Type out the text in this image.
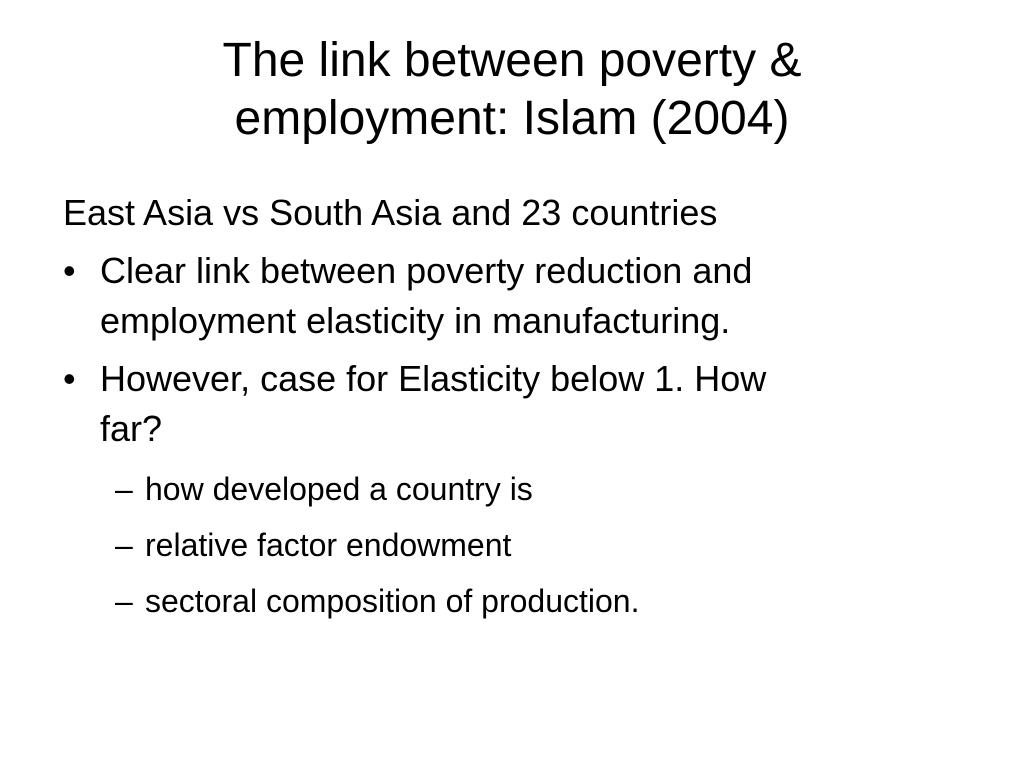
The link between poverty &
employment: Islam (2004)

East Asia vs South Asia and 23 countries

• Clear link between poverty reduction and
employment elasticity in manufacturing.
• However, case for Elasticity below 1. How
far?
– how developed a country is
– relative factor endowment
– sectoral composition of production.
